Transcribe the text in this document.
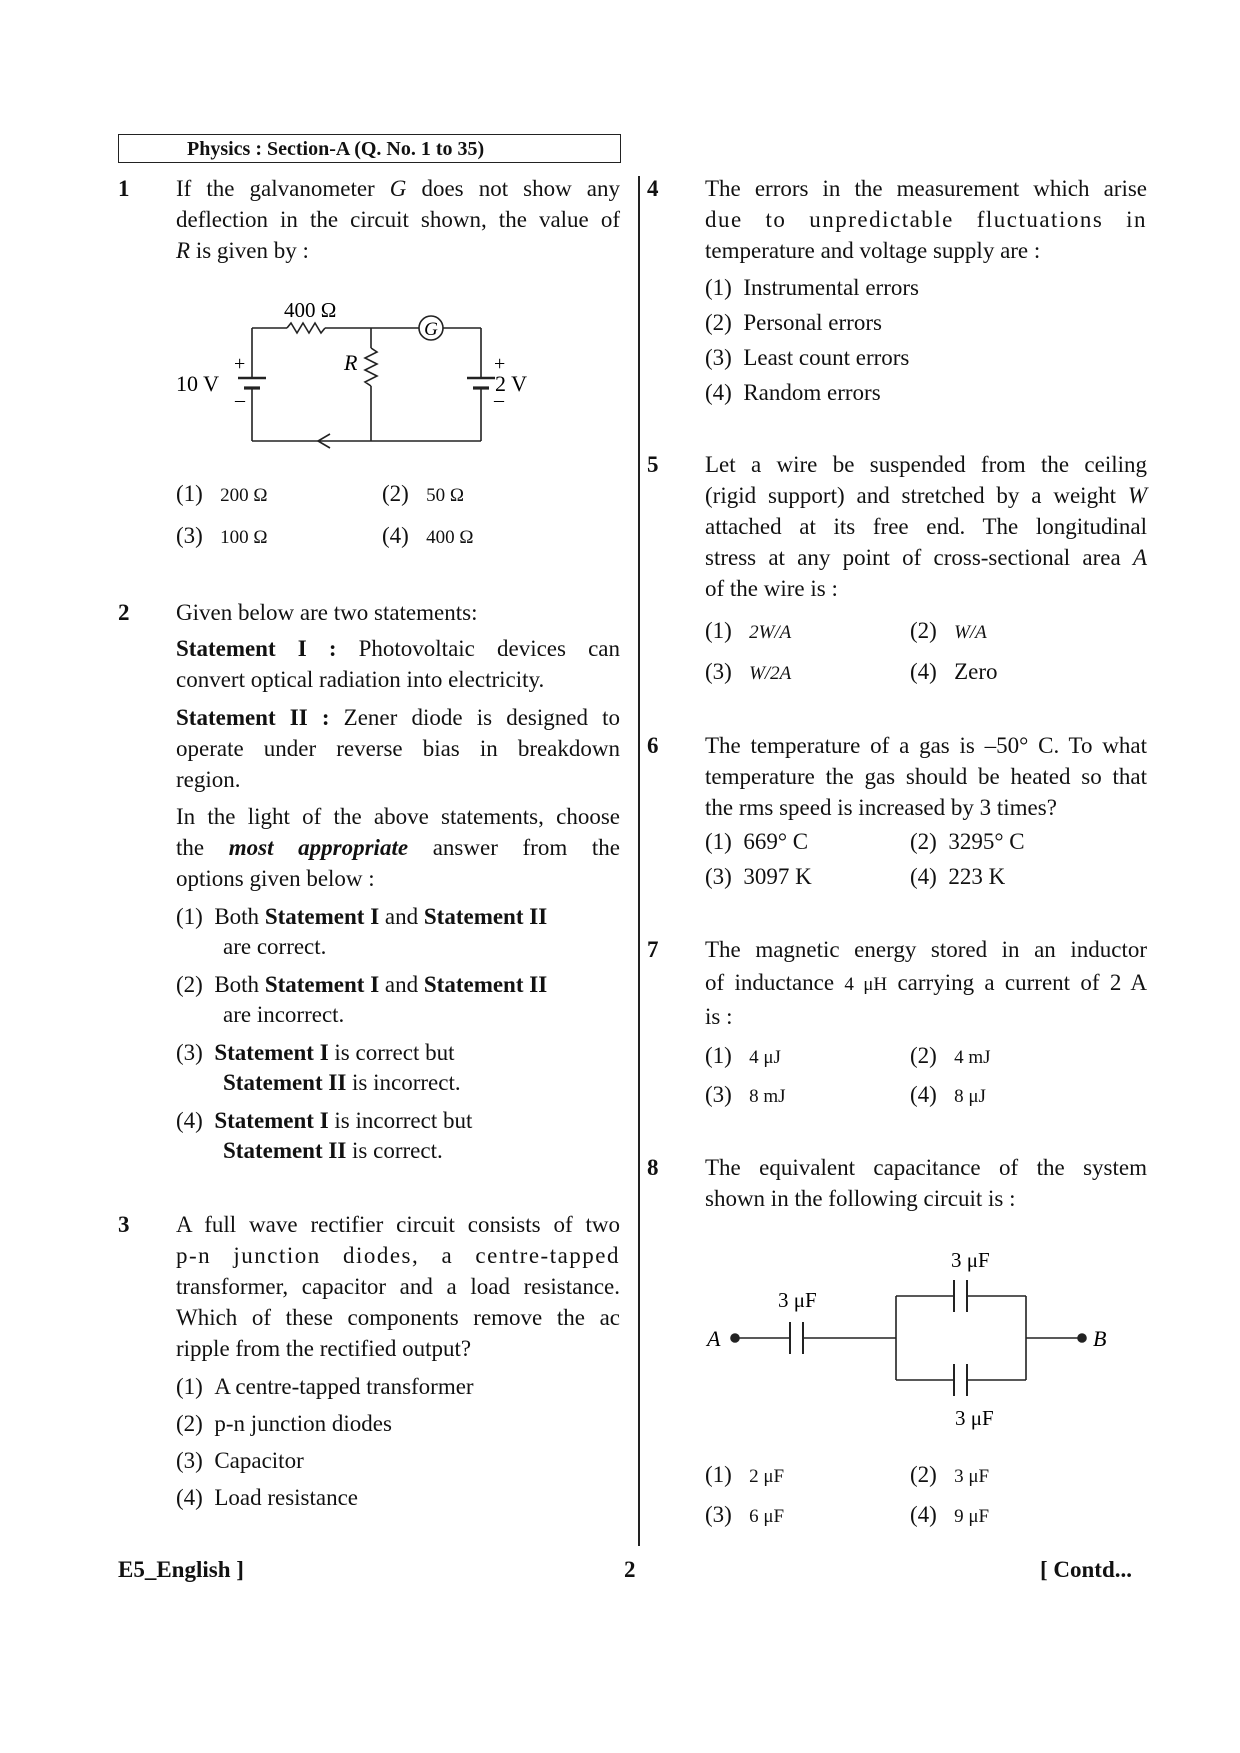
Physics : Section-A (Q. No. 1 to 35)
1 If the galvanometer G does not show any
deflection in the circuit shown, the value of
R is given by :
400 Ω
G
R
10 V
+
–
2 V
+
–
(1) 200 Ω	(2) 50 Ω
(3) 100 Ω	(4) 400 Ω
2 Given below are two statements:
Statement I : Photovoltaic devices can
convert optical radiation into electricity.
Statement II : Zener diode is designed to
operate under reverse bias in breakdown
region.
In the light of the above statements, choose
the most appropriate answer from the
options given below :
(1) Both Statement I and Statement II
are correct.
(2) Both Statement I and Statement II
are incorrect.
(3) Statement I is correct but
Statement II is incorrect.
(4) Statement I is incorrect but
Statement II is correct.
3 A full wave rectifier circuit consists of two
p-n junction diodes, a centre-tapped
transformer, capacitor and a load resistance.
Which of these components remove the ac
ripple from the rectified output?
(1) A centre-tapped transformer
(2) p-n junction diodes
(3) Capacitor
(4) Load resistance
4 The errors in the measurement which arise
due to unpredictable fluctuations in
temperature and voltage supply are :
(1) Instrumental errors
(2) Personal errors
(3) Least count errors
(4) Random errors
5 Let a wire be suspended from the ceiling
(rigid support) and stretched by a weight W
attached at its free end. The longitudinal
stress at any point of cross-sectional area A
of the wire is :
(1) 2W/A	(2) W/A
(3) W/2A	(4) Zero
6 The temperature of a gas is –50° C. To what
temperature the gas should be heated so that
the rms speed is increased by 3 times?
(1) 669° C	(2) 3295° C
(3) 3097 K	(4) 223 K
7 The magnetic energy stored in an inductor
of inductance 4 μH carrying a current of 2 A
is :
(1) 4 μJ	(2) 4 mJ
(3) 8 mJ	(4) 8 μJ
8 The equivalent capacitance of the system
shown in the following circuit is :
3 μF
3 μF
3 μF
A	B
(1) 2 μF	(2) 3 μF
(3) 6 μF	(4) 9 μF
E5_English ]	2	[ Contd...
